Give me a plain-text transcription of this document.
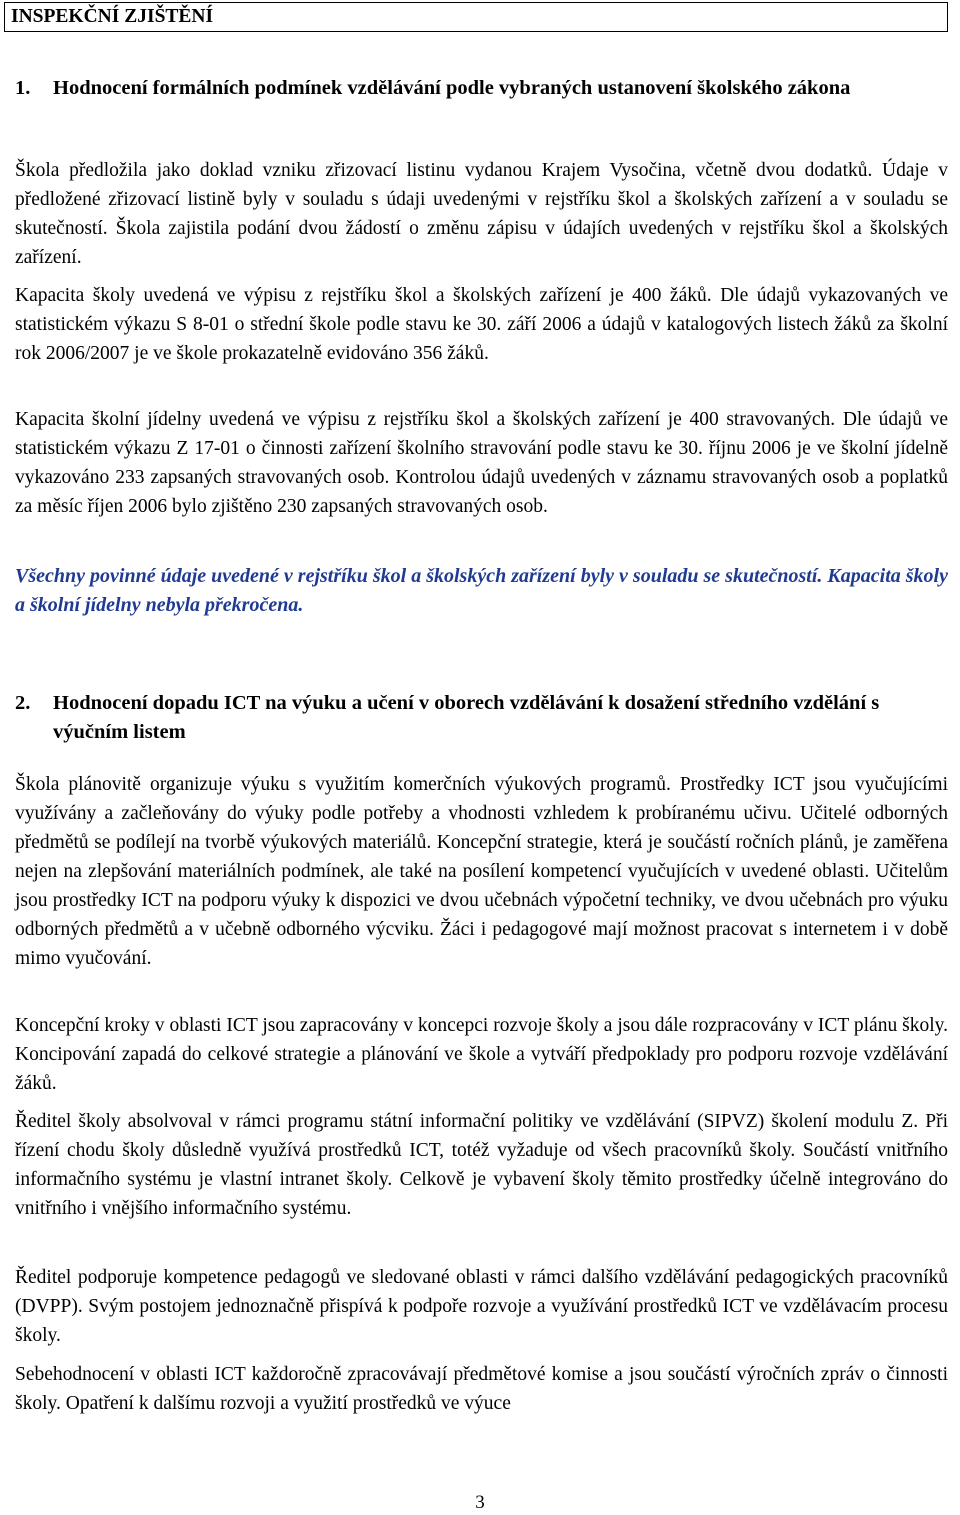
INSPEKČNÍ ZJIŠTĚNÍ
1.	Hodnocení formálních podmínek vzdělávání podle vybraných ustanovení školského zákona

Škola předložila jako doklad vzniku zřizovací listinu vydanou Krajem Vysočina, včetně dvou dodatků. Údaje v předložené zřizovací listině byly v souladu s údaji uvedenými v rejstříku škol a školských zařízení a v souladu se skutečností. Škola zajistila podání dvou žádostí o změnu zápisu v údajích uvedených v rejstříku škol a školských zařízení.

Kapacita školy uvedená ve výpisu z rejstříku škol a školských zařízení je 400 žáků. Dle údajů vykazovaných ve statistickém výkazu S 8-01 o střední škole podle stavu ke 30. září 2006 a údajů v katalogových listech žáků za školní rok 2006/2007 je ve škole prokazatelně evidováno 356 žáků.

Kapacita školní jídelny uvedená ve výpisu z rejstříku škol a školských zařízení je 400 stravovaných. Dle údajů ve statistickém výkazu Z 17-01 o činnosti zařízení školního stravování podle stavu ke 30. říjnu 2006 je ve školní jídelně vykazováno 233 zapsaných stravovaných osob. Kontrolou údajů uvedených v záznamu stravovaných osob a poplatků za měsíc říjen 2006 bylo zjištěno 230 zapsaných stravovaných osob.

Všechny povinné údaje uvedené v rejstříku škol a školských zařízení byly v souladu se skutečností. Kapacita školy a školní jídelny nebyla překročena.

2.	Hodnocení dopadu ICT na výuku a učení v oborech vzdělávání k dosažení středního vzdělání s výučním listem

Škola plánovitě organizuje výuku s využitím komerčních výukových programů. Prostředky ICT jsou vyučujícími využívány a začleňovány do výuky podle potřeby a vhodnosti vzhledem k probíranému učivu. Učitelé odborných předmětů se podílejí na tvorbě výukových materiálů. Koncepční strategie, která je součástí ročních plánů, je zaměřena nejen na zlepšování materiálních podmínek, ale také na posílení kompetencí vyučujících v uvedené oblasti. Učitelům jsou prostředky ICT na podporu výuky k dispozici ve dvou učebnách výpočetní techniky, ve dvou učebnách pro výuku odborných předmětů a v učebně odborného výcviku. Žáci i pedagogové mají možnost pracovat s internetem i v době mimo vyučování.

Koncepční kroky v oblasti ICT jsou zapracovány v koncepci rozvoje školy a jsou dále rozpracovány v ICT plánu školy. Koncipování zapadá do celkové strategie a plánování ve škole a vytváří předpoklady pro podporu rozvoje vzdělávání žáků.

Ředitel školy absolvoval v rámci programu státní informační politiky ve vzdělávání (SIPVZ) školení modulu Z. Při řízení chodu školy důsledně využívá prostředků ICT, totéž vyžaduje od všech pracovníků školy. Součástí vnitřního informačního systému je vlastní intranet školy. Celkově je vybavení školy těmito prostředky účelně integrováno do vnitřního i vnějšího informačního systému.

Ředitel podporuje kompetence pedagogů ve sledované oblasti v rámci dalšího vzdělávání pedagogických pracovníků (DVPP). Svým postojem jednoznačně přispívá k podpoře rozvoje a využívání prostředků ICT ve vzdělávacím procesu školy.

Sebehodnocení v oblasti ICT každoročně zpracovávají předmětové komise a jsou součástí výročních zpráv o činnosti školy. Opatření k dalšímu rozvoji a využití prostředků ve výuce

3
